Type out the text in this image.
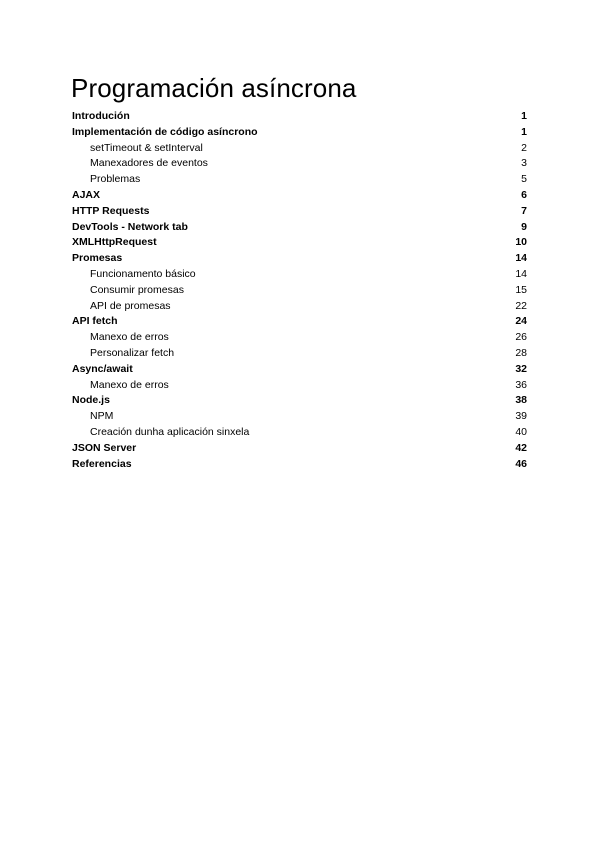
Programación asíncrona
Introdución	1
Implementación de código asíncrono	1
setTimeout & setInterval	2
Manexadores de eventos	3
Problemas	5
AJAX	6
HTTP Requests	7
DevTools - Network tab	9
XMLHttpRequest	10
Promesas	14
Funcionamento básico	14
Consumir promesas	15
API de promesas	22
API fetch	24
Manexo de erros	26
Personalizar fetch	28
Async/await	32
Manexo de erros	36
Node.js	38
NPM	39
Creación dunha aplicación sinxela	40
JSON Server	42
Referencias	46
